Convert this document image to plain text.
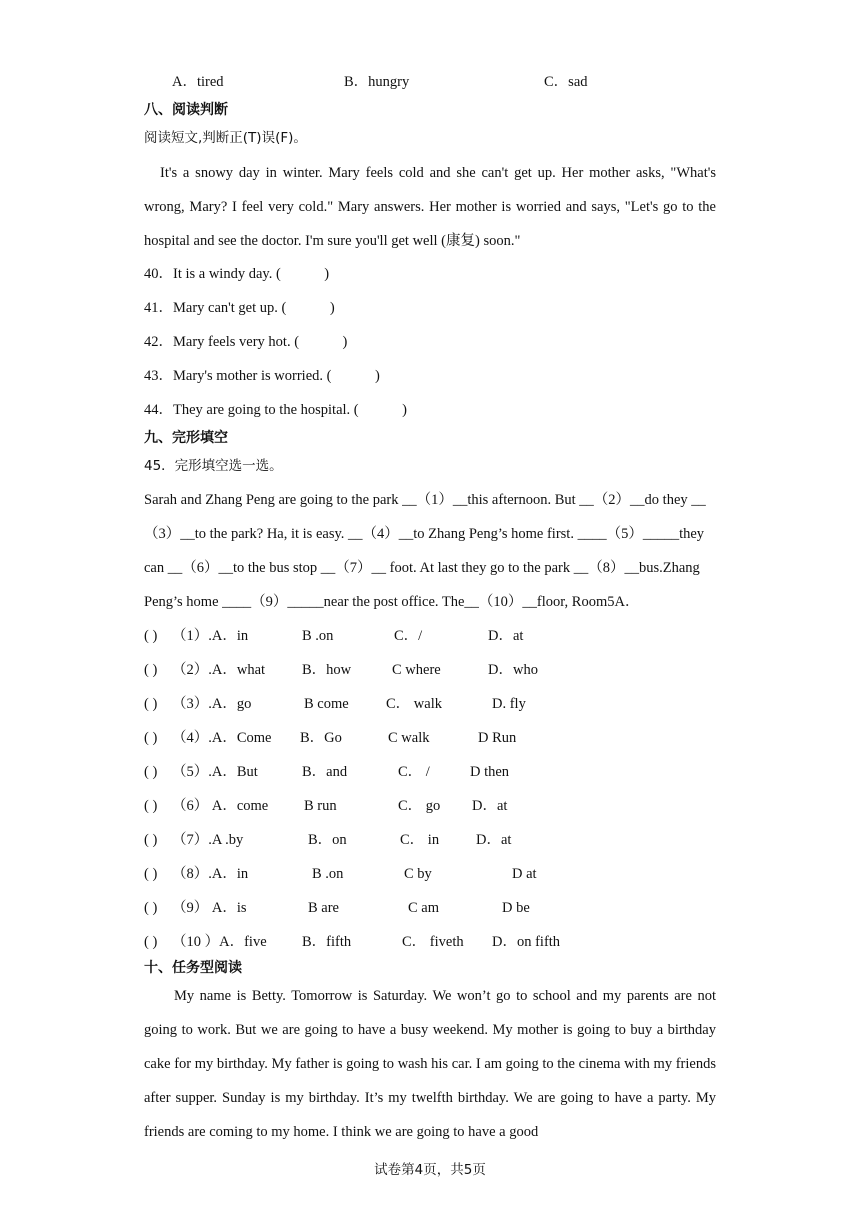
A．tired	B．hungry	C．sad
八、阅读判断
阅读短文,判断正(T)误(F)。
It's a snowy day in winter. Mary feels cold and she can't get up. Her mother asks, "What's wrong, Mary? I feel very cold." Mary answers. Her mother is worried and says, "Let's go to the hospital and see the doctor. I'm sure you'll get well (康复) soon."
40．It is a windy day. (　　　)
41．Mary can't get up. (　　　)
42．Mary feels very hot. (　　　)
43．Mary's mother is worried. (　　　)
44．They are going to the hospital. (　　　)
九、完形填空
45．完形填空选一选。
Sarah and Zhang Peng are going to the park __（1）__this afternoon. But __（2）__do they __
（3）__to the park? Ha, it is easy. __（4）__to Zhang Peng’s home first. ____（5）_____they
can __（6）__to the bus stop __（7）__ foot. At last they go to the park __（8）__bus.Zhang
Peng’s home ____（9）_____near the post office. The__（10）__floor, Room5A．
( ) （1）.A．in	B .on	C．/	D．at
( ) （2）.A．what	B．how	C where	D．who
( ) （3）.A．go	B come	C． walk	D. fly
( ) （4）.A．Come B．Go	C walk	D Run
( ) （5）.A．But	B．and	C． /	D then
( ) （6） A．come B run	C． go D．at
( ) （7）.A .by	B．on	C． in	D．at
( ) （8）.A．in	B .on	C by	D at
( ) （9） A．is	B are	C am	D be
( ) （10 ）A．five B．fifth	C． fiveth D．on fifth
十、任务型阅读
My name is Betty. Tomorrow is Saturday. We won’t go to school and my parents are not going to work. But we are going to have a busy weekend. My mother is going to buy a birthday cake for my birthday. My father is going to wash his car. I am going to the cinema with my friends after supper. Sunday is my birthday. It’s my twelfth birthday. We are going to have a party. My friends are coming to my home. I think we are going to have a good
试卷第4页，共5页
